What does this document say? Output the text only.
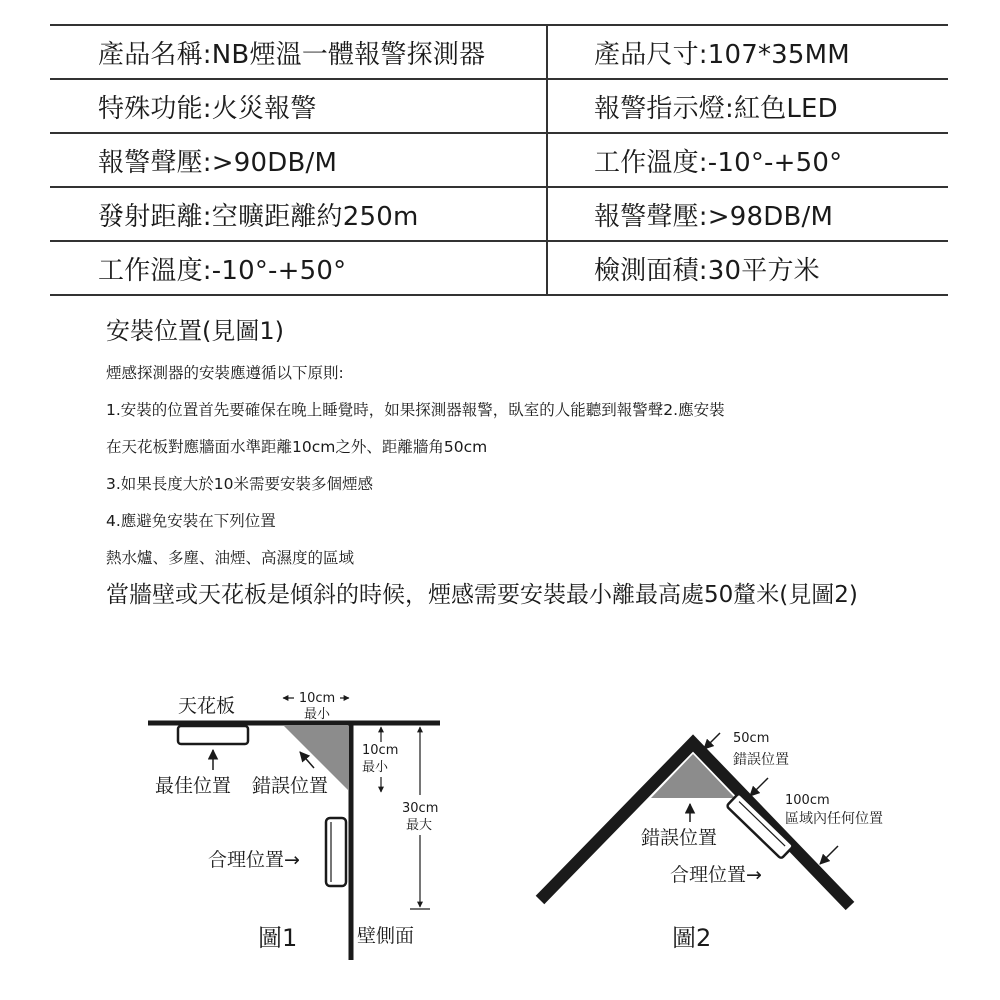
產品名稱:NB煙溫一體報警探測器	產品尺寸:107*35MM
特殊功能:火災報警	報警指示燈:紅色LED
報警聲壓:>90DB/M	工作溫度:-10°-+50°
發射距離:空曠距離約250m	報警聲壓:>98DB/M
工作溫度:-10°-+50°	檢測面積:30平方米
安裝位置(見圖1)
煙感探測器的安裝應遵循以下原則:
1.安裝的位置首先要確保在晚上睡覺時，如果探測器報警，臥室的人能聽到報警聲2.應安裝
在天花板對應牆面水準距離10cm之外、距離牆角50cm
3.如果長度大於10米需要安裝多個煙感
4.應避免安裝在下列位置
熱水爐、多塵、油煙、高濕度的區域
當牆壁或天花板是傾斜的時候，煙感需要安裝最小離最高處50釐米(見圖2)
天花板	10cm
最小
10cm
最小
30cm
最大
最佳位置 錯誤位置
合理位置→
壁側面
圖1
50cm
錯誤位置
100cm
區域內任何位置
錯誤位置
合理位置→
圖2
